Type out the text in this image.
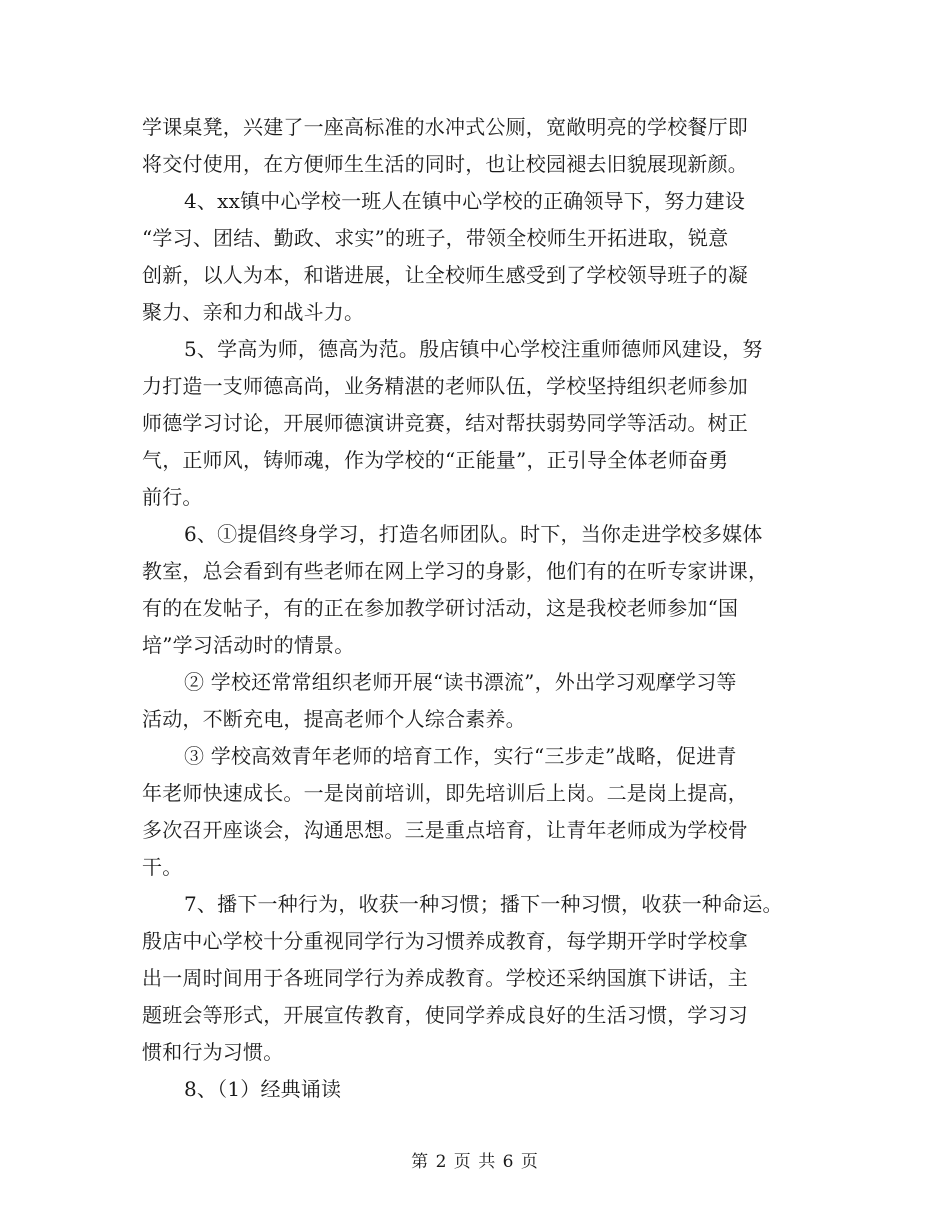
学课桌凳，兴建了一座高标准的水冲式公厕，宽敞明亮的学校餐厅即
将交付使用，在方便师生生活的同时，也让校园褪去旧貌展现新颜。
4、xx镇中心学校一班人在镇中心学校的正确领导下，努力建设
“学习、团结、勤政、求实”的班子，带领全校师生开拓进取，锐意
创新，以人为本，和谐进展，让全校师生感受到了学校领导班子的凝
聚力、亲和力和战斗力。
5、学高为师，德高为范。殷店镇中心学校注重师德师风建设，努
力打造一支师德高尚，业务精湛的老师队伍，学校坚持组织老师参加
师德学习讨论，开展师德演讲竞赛，结对帮扶弱势同学等活动。树正
气，正师风，铸师魂，作为学校的“正能量”，正引导全体老师奋勇
前行。
6、①提倡终身学习，打造名师团队。时下，当你走进学校多媒体
教室，总会看到有些老师在网上学习的身影，他们有的在听专家讲课，
有的在发帖子，有的正在参加教学研讨活动，这是我校老师参加“国
培”学习活动时的情景。
② 学校还常常组织老师开展“读书漂流”，外出学习观摩学习等
活动，不断充电，提高老师个人综合素养。
③ 学校高效青年老师的培育工作，实行“三步走”战略，促进青
年老师快速成长。一是岗前培训，即先培训后上岗。二是岗上提高，
多次召开座谈会，沟通思想。三是重点培育，让青年老师成为学校骨
干。
7、播下一种行为，收获一种习惯；播下一种习惯，收获一种命运。
殷店中心学校十分重视同学行为习惯养成教育，每学期开学时学校拿
出一周时间用于各班同学行为养成教育。学校还采纳国旗下讲话，主
题班会等形式，开展宣传教育，使同学养成良好的生活习惯，学习习
惯和行为习惯。
8、（1）经典诵读
第 2 页 共 6 页
